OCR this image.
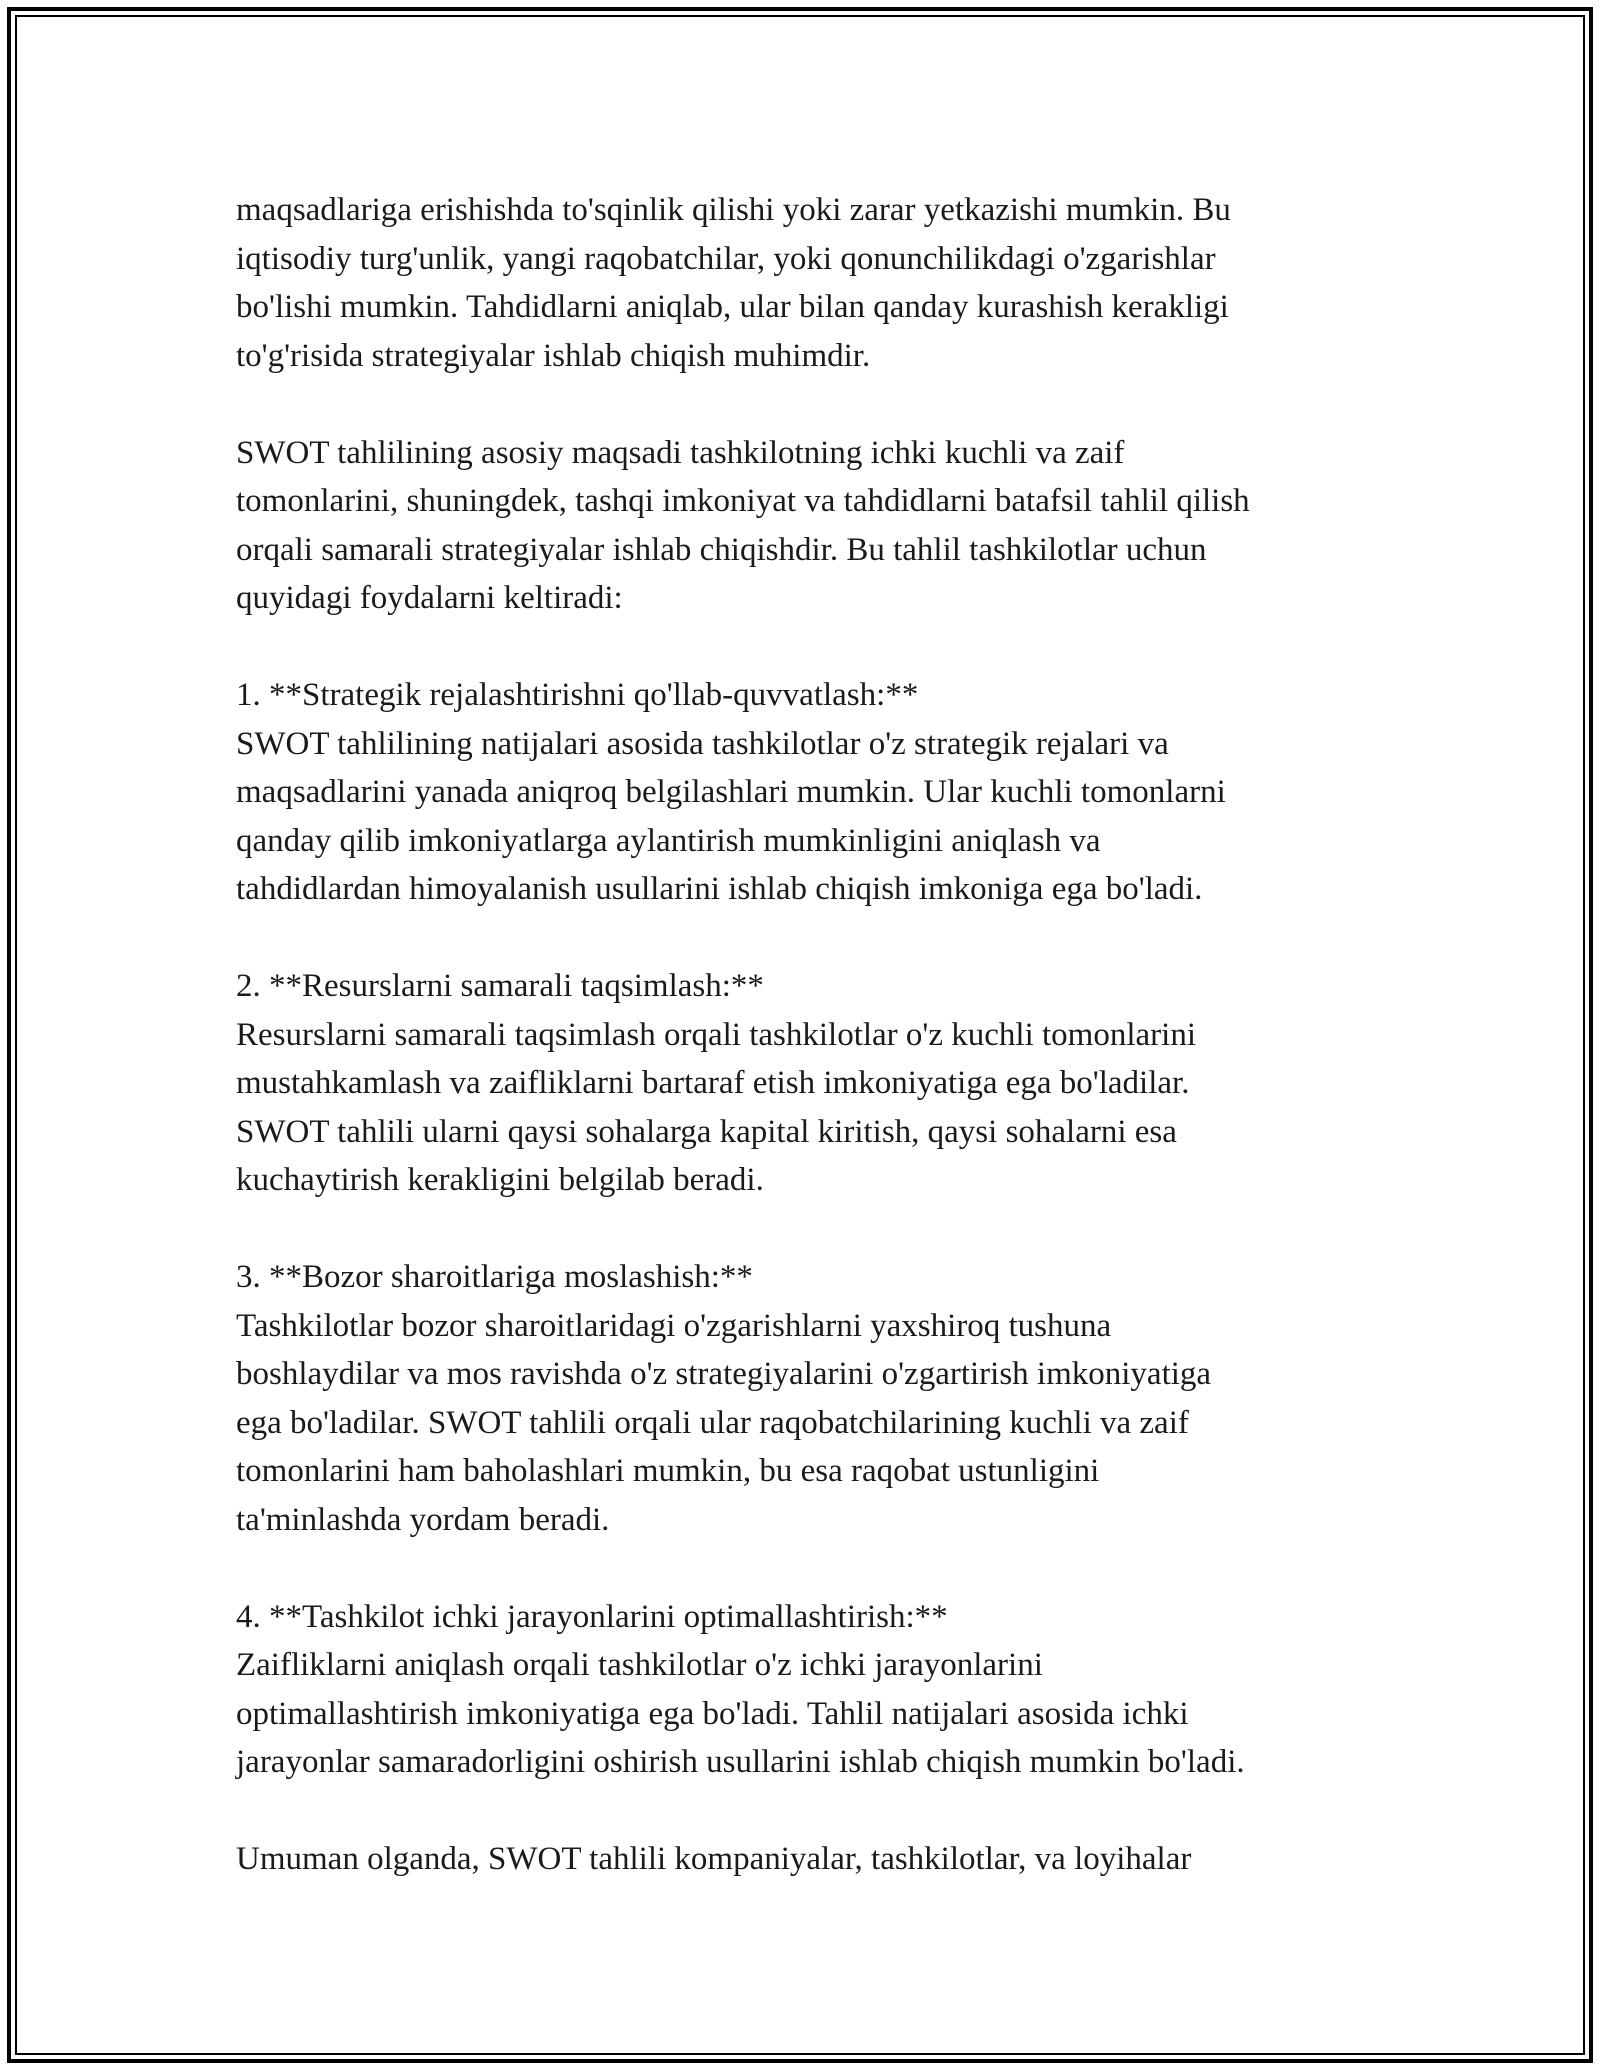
maqsadlariga erishishda to'sqinlik qilishi yoki zarar yetkazishi mumkin. Bu
iqtisodiy turg'unlik, yangi raqobatchilar, yoki qonunchilikdagi o'zgarishlar
bo'lishi mumkin. Tahdidlarni aniqlab, ular bilan qanday kurashish kerakligi
to'g'risida strategiyalar ishlab chiqish muhimdir.

SWOT tahlilining asosiy maqsadi tashkilotning ichki kuchli va zaif
tomonlarini, shuningdek, tashqi imkoniyat va tahdidlarni batafsil tahlil qilish
orqali samarali strategiyalar ishlab chiqishdir. Bu tahlil tashkilotlar uchun
quyidagi foydalarni keltiradi:

1. **Strategik rejalashtirishni qo'llab-quvvatlash:**
SWOT tahlilining natijalari asosida tashkilotlar o'z strategik rejalari va
maqsadlarini yanada aniqroq belgilashlari mumkin. Ular kuchli tomonlarni
qanday qilib imkoniyatlarga aylantirish mumkinligini aniqlash va
tahdidlardan himoyalanish usullarini ishlab chiqish imkoniga ega bo'ladi.
2. **Resurslarni samarali taqsimlash:**
Resurslarni samarali taqsimlash orqali tashkilotlar o'z kuchli tomonlarini
mustahkamlash va zaifliklarni bartaraf etish imkoniyatiga ega bo'ladilar.
SWOT tahlili ularni qaysi sohalarga kapital kiritish, qaysi sohalarni esa
kuchaytirish kerakligini belgilab beradi.
3. **Bozor sharoitlariga moslashish:**
Tashkilotlar bozor sharoitlaridagi o'zgarishlarni yaxshiroq tushuna
boshlaydilar va mos ravishda o'z strategiyalarini o'zgartirish imkoniyatiga
ega bo'ladilar. SWOT tahlili orqali ular raqobatchilarining kuchli va zaif
tomonlarini ham baholashlari mumkin, bu esa raqobat ustunligini
ta'minlashda yordam beradi.
4. **Tashkilot ichki jarayonlarini optimallashtirish:**
Zaifliklarni aniqlash orqali tashkilotlar o'z ichki jarayonlarini
optimallashtirish imkoniyatiga ega bo'ladi. Tahlil natijalari asosida ichki
jarayonlar samaradorligini oshirish usullarini ishlab chiqish mumkin bo'ladi.

Umuman olganda, SWOT tahlili kompaniyalar, tashkilotlar, va loyihalar
